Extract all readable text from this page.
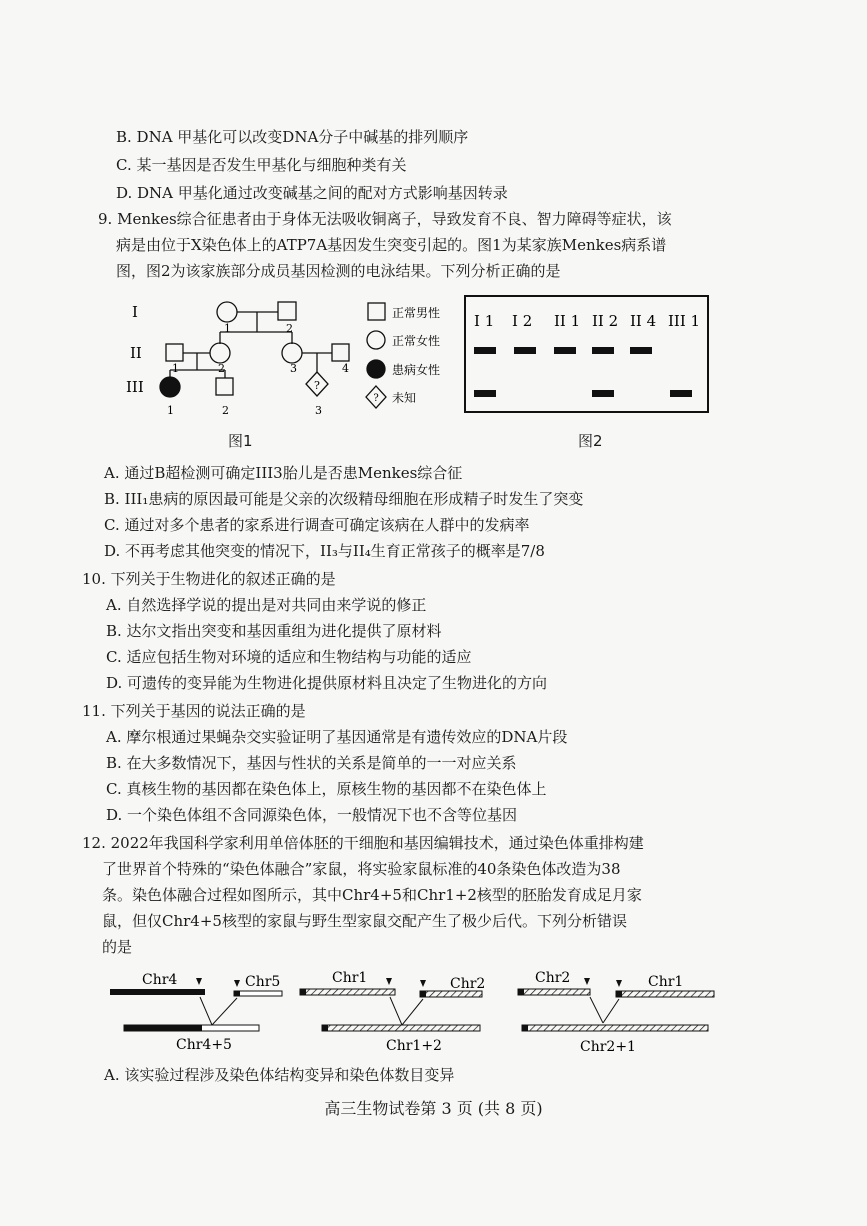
B. DNA 甲基化可以改变DNA分子中碱基的排列顺序
C. 某一基因是否发生甲基化与细胞种类有关
D. DNA 甲基化通过改变碱基之间的配对方式影响基因转录
9. Menkes综合征患者由于身体无法吸收铜离子，导致发育不良、智力障碍等症状，该
病是由位于X染色体上的ATP7A基因发生突变引起的。图1为某家族Menkes病系谱
图，图2为该家族部分成员基因检测的电泳结果。下列分析正确的是
?
I
II
III
1	2
1	2	3	4
1	2	3
?
正常男性
正常女性
患病女性
未知
图1
I 1 I 2 II 1 II 2 II 4 III 1
图2
A. 通过B超检测可确定III3胎儿是否患Menkes综合征
B. III₁患病的原因最可能是父亲的次级精母细胞在形成精子时发生了突变
C. 通过对多个患者的家系进行调查可确定该病在人群中的发病率
D. 不再考虑其他突变的情况下，II₃与II₄生育正常孩子的概率是7/8
10. 下列关于生物进化的叙述正确的是
A. 自然选择学说的提出是对共同由来学说的修正
B. 达尔文指出突变和基因重组为进化提供了原材料
C. 适应包括生物对环境的适应和生物结构与功能的适应
D. 可遗传的变异能为生物进化提供原材料且决定了生物进化的方向
11. 下列关于基因的说法正确的是
A. 摩尔根通过果蝇杂交实验证明了基因通常是有遗传效应的DNA片段
B. 在大多数情况下，基因与性状的关系是简单的一一对应关系
C. 真核生物的基因都在染色体上，原核生物的基因都不在染色体上
D. 一个染色体组不含同源染色体，一般情况下也不含等位基因
12. 2022年我国科学家利用单倍体胚的干细胞和基因编辑技术，通过染色体重排构建
了世界首个特殊的“染色体融合”家鼠，将实验家鼠标准的40条染色体改造为38
条。染色体融合过程如图所示，其中Chr4+5和Chr1+2核型的胚胎发育成足月家
鼠，但仅Chr4+5核型的家鼠与野生型家鼠交配产生了极少后代。下列分析错误
的是
Chr4	Chr5
Chr4+5
Chr1	Chr2
Chr1+2
Chr2	Chr1
Chr2+1
A. 该实验过程涉及染色体结构变异和染色体数目变异
高三生物试卷第 3 页 (共 8 页)
